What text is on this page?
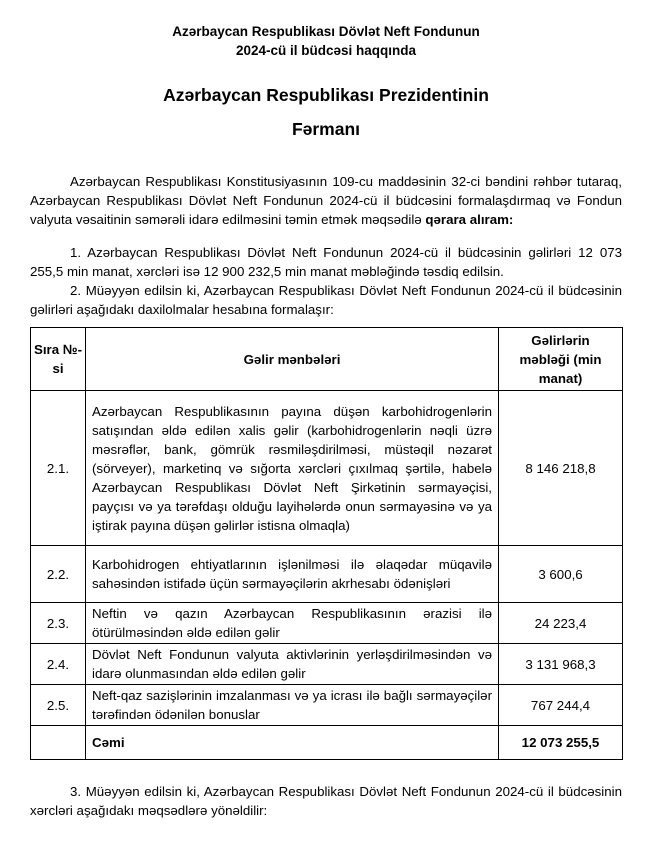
Azərbaycan Respublikası Dövlət Neft Fondunun
2024-cü il büdcəsi haqqında
Azərbaycan Respublikası Prezidentinin
Fərmanı

Azərbaycan Respublikası Konstitusiyasının 109-cu maddəsinin 32-ci bəndini rəhbər tutaraq, Azərbaycan Respublikası Dövlət Neft Fondunun 2024-cü il büdcəsini formalaşdırmaq və Fondun valyuta vəsaitinin səmərəli idarə edilməsini təmin etmək məqsədilə qərara alıram:

1. Azərbaycan Respublikası Dövlət Neft Fondunun 2024-cü il büdcəsinin gəlirləri 12 073 255,5 min manat, xərcləri isə 12 900 232,5 min manat məbləğində təsdiq edilsin.

2. Müəyyən edilsin ki, Azərbaycan Respublikası Dövlət Neft Fondunun 2024-cü il büdcəsinin gəlirləri aşağıdakı daxilolmalar hesabına formalaşır:

Sıra №-si	Gəlir mənbələri	Gəlirlərin məbləği (min manat)
2.1.	Azərbaycan Respublikasının payına düşən karbohidrogenlərin satışından əldə edilən xalis gəlir (karbohidrogenlərin nəqli üzrə məsrəflər, bank, gömrük rəsmiləşdirilməsi, müstəqil nəzarət (sörveyer), marketinq və sığorta xərcləri çıxılmaq şərtilə, habelə Azərbaycan Respublikası Dövlət Neft Şirkətinin sərmayəçisi, payçısı və ya tərəfdaşı olduğu layihələrdə onun sərmayəsinə və ya iştirak payına düşən gəlirlər istisna olmaqla)	8 146 218,8
2.2.	Karbohidrogen ehtiyatlarının işlənilməsi ilə əlaqədar müqavilə sahəsindən istifadə üçün sərmayəçilərin akrhesabı ödənişləri	3 600,6
2.3.	Neftin və qazın Azərbaycan Respublikasının ərazisi ilə ötürülməsindən əldə edilən gəlir	24 223,4
2.4.	Dövlət Neft Fondunun valyuta aktivlərinin yerləşdirilməsindən və idarə olunmasından əldə edilən gəlir	3 131 968,3
2.5.	Neft-qaz sazişlərinin imzalanması və ya icrası ilə bağlı sərmayəçilər tərəfindən ödənilən bonuslar	767 244,4
	Cəmi	12 073 255,5

3. Müəyyən edilsin ki, Azərbaycan Respublikası Dövlət Neft Fondunun 2024-cü il büdcəsinin xərcləri aşağıdakı məqsədlərə yönəldilir:
